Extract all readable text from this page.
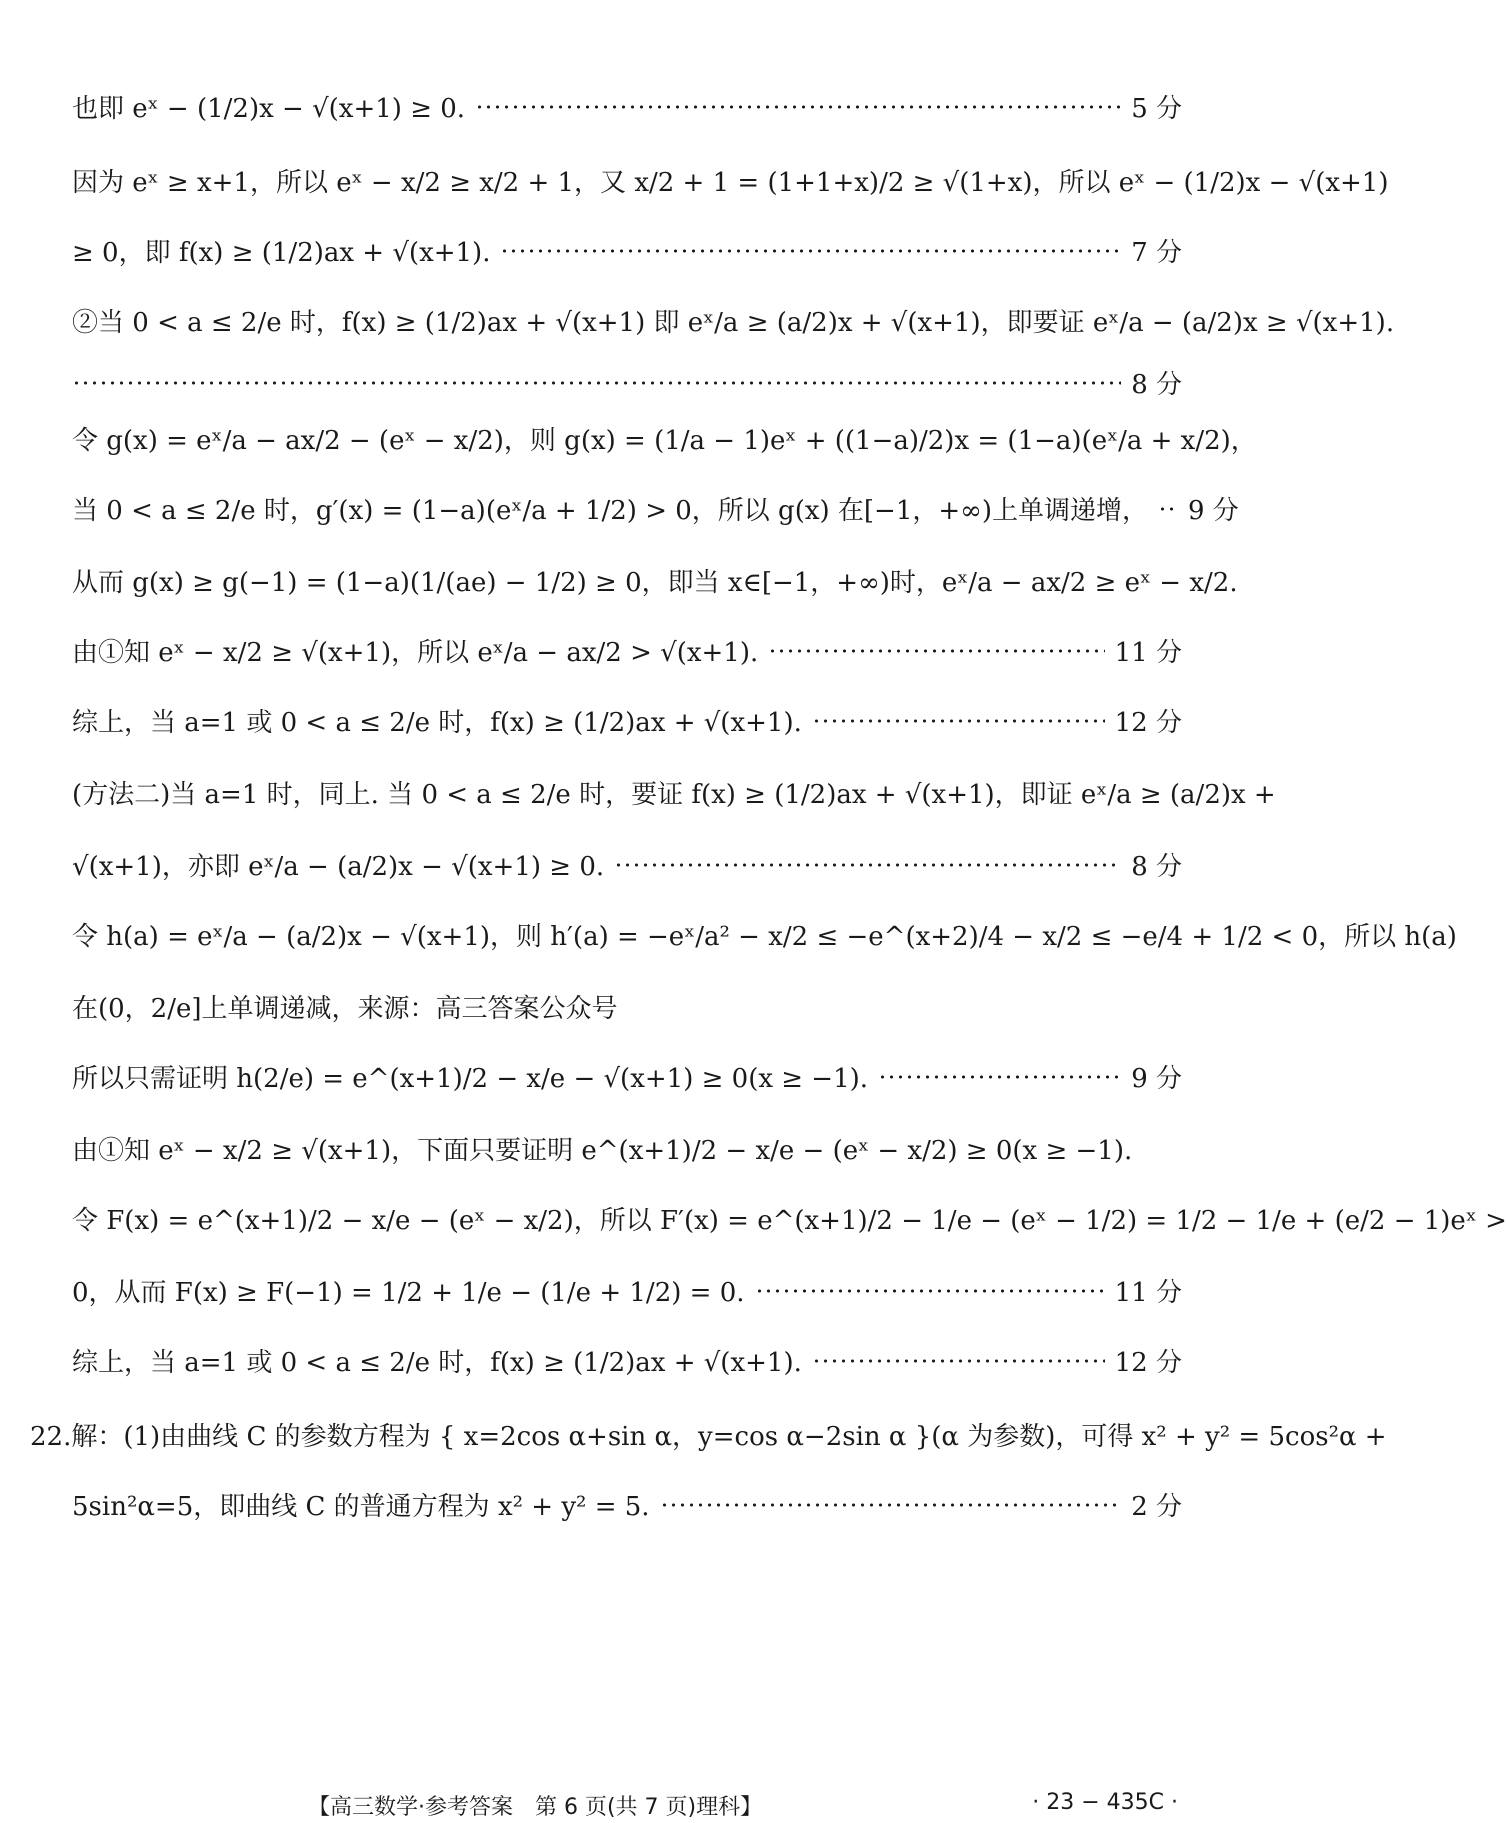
也即 eˣ − (1/2)x − √(x+1) ≥ 0.	5 分
因为 eˣ ≥ x+1，所以 eˣ − x/2 ≥ x/2 + 1，又 x/2 + 1 = (1+1+x)/2 ≥ √(1+x)，所以 eˣ − (1/2)x − √(x+1)
≥ 0，即 f(x) ≥ (1/2)ax + √(x+1).	7 分
②当 0 < a ≤ 2/e 时，f(x) ≥ (1/2)ax + √(x+1) 即 eˣ/a ≥ (a/2)x + √(x+1)，即要证 eˣ/a − (a/2)x ≥ √(x+1).
8 分
令 g(x) = eˣ/a − ax/2 − (eˣ − x/2)，则 g(x) = (1/a − 1)eˣ + ((1−a)/2)x = (1−a)(eˣ/a + x/2)，
当 0 < a ≤ 2/e 时，g′(x) = (1−a)(eˣ/a + 1/2) > 0，所以 g(x) 在[−1，+∞)上单调递增， 9 分
从而 g(x) ≥ g(−1) = (1−a)(1/(ae) − 1/2) ≥ 0，即当 x∈[−1，+∞)时，eˣ/a − ax/2 ≥ eˣ − x/2.
由①知 eˣ − x/2 ≥ √(x+1)，所以 eˣ/a − ax/2 > √(x+1).	11 分
综上，当 a=1 或 0 < a ≤ 2/e 时，f(x) ≥ (1/2)ax + √(x+1).	12 分
(方法二)当 a=1 时，同上. 当 0 < a ≤ 2/e 时，要证 f(x) ≥ (1/2)ax + √(x+1)，即证 eˣ/a ≥ (a/2)x +
√(x+1)，亦即 eˣ/a − (a/2)x − √(x+1) ≥ 0.	8 分
令 h(a) = eˣ/a − (a/2)x − √(x+1)，则 h′(a) = −eˣ/a² − x/2 ≤ −e^(x+2)/4 − x/2 ≤ −e/4 + 1/2 < 0，所以 h(a)
在(0，2/e]上单调递减，来源：高三答案公众号
所以只需证明 h(2/e) = e^(x+1)/2 − x/e − √(x+1) ≥ 0(x ≥ −1).	9 分
由①知 eˣ − x/2 ≥ √(x+1)，下面只要证明 e^(x+1)/2 − x/e − (eˣ − x/2) ≥ 0(x ≥ −1).
令 F(x) = e^(x+1)/2 − x/e − (eˣ − x/2)，所以 F′(x) = e^(x+1)/2 − 1/e − (eˣ − 1/2) = 1/2 − 1/e + (e/2 − 1)eˣ >
0，从而 F(x) ≥ F(−1) = 1/2 + 1/e − (1/e + 1/2) = 0.	11 分
综上，当 a=1 或 0 < a ≤ 2/e 时，f(x) ≥ (1/2)ax + √(x+1).	12 分
22.解：(1)由曲线 C 的参数方程为 { x=2cos α+sin α，y=cos α−2sin α }(α 为参数)，可得 x² + y² = 5cos²α +
5sin²α=5，即曲线 C 的普通方程为 x² + y² = 5.	2 分
【高三数学·参考答案　第 6 页(共 7 页)理科】	· 23 − 435C ·
